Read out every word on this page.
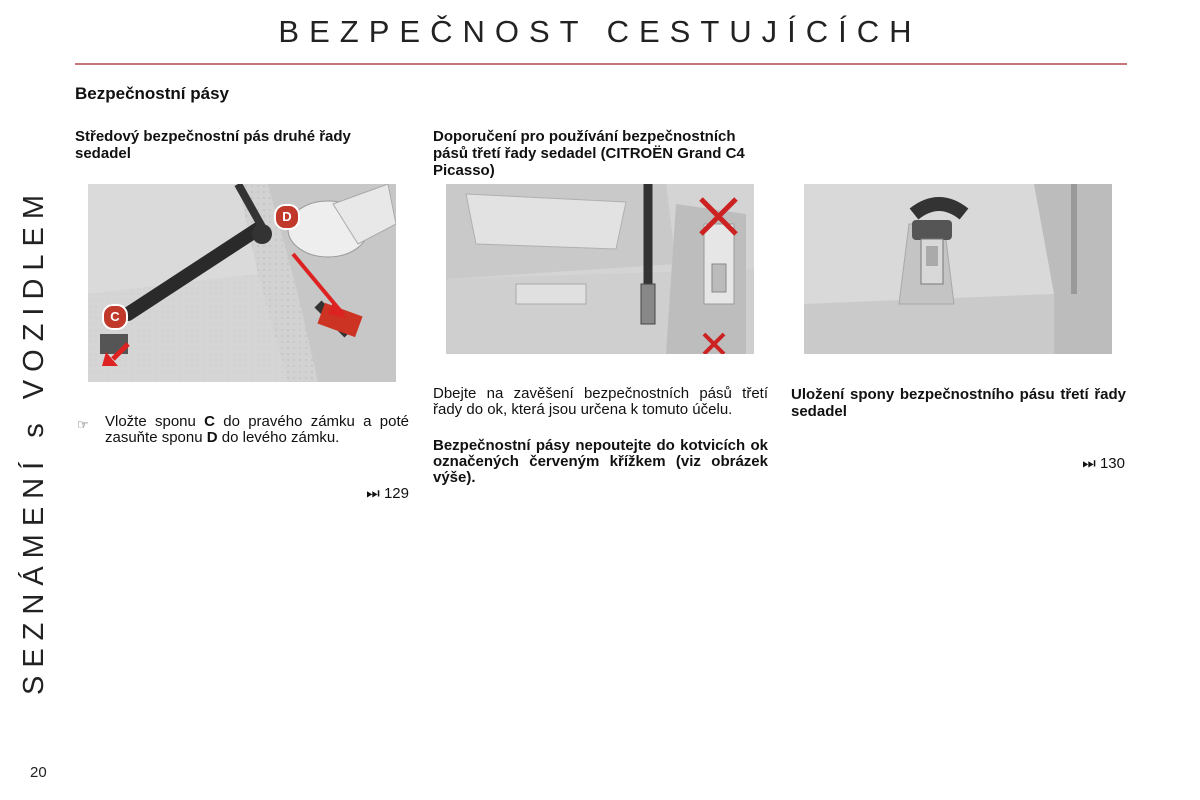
BEZPEČNOST CESTUJÍCÍCH
SEZNÁMENÍ s VOZIDLEM
20
Bezpečnostní pásy
Středový bezpečnostní pás druhé řady sedadel
D
C
☞ Vložte sponu C do pravého zámku a poté zasuňte sponu D do levého zámku.
⏭ 129
Doporučení pro používání bezpečnostních pásů třetí řady sedadel (CITROËN Grand C4 Picasso)
Dbejte na zavěšení bezpečnostních pásů třetí řady do ok, která jsou určena k tomuto účelu.
Bezpečnostní pásy nepoutejte do kotvicích ok označených červeným křížkem (viz obrázek výše).
Uložení spony bezpečnostního pásu třetí řady sedadel
⏭ 130
